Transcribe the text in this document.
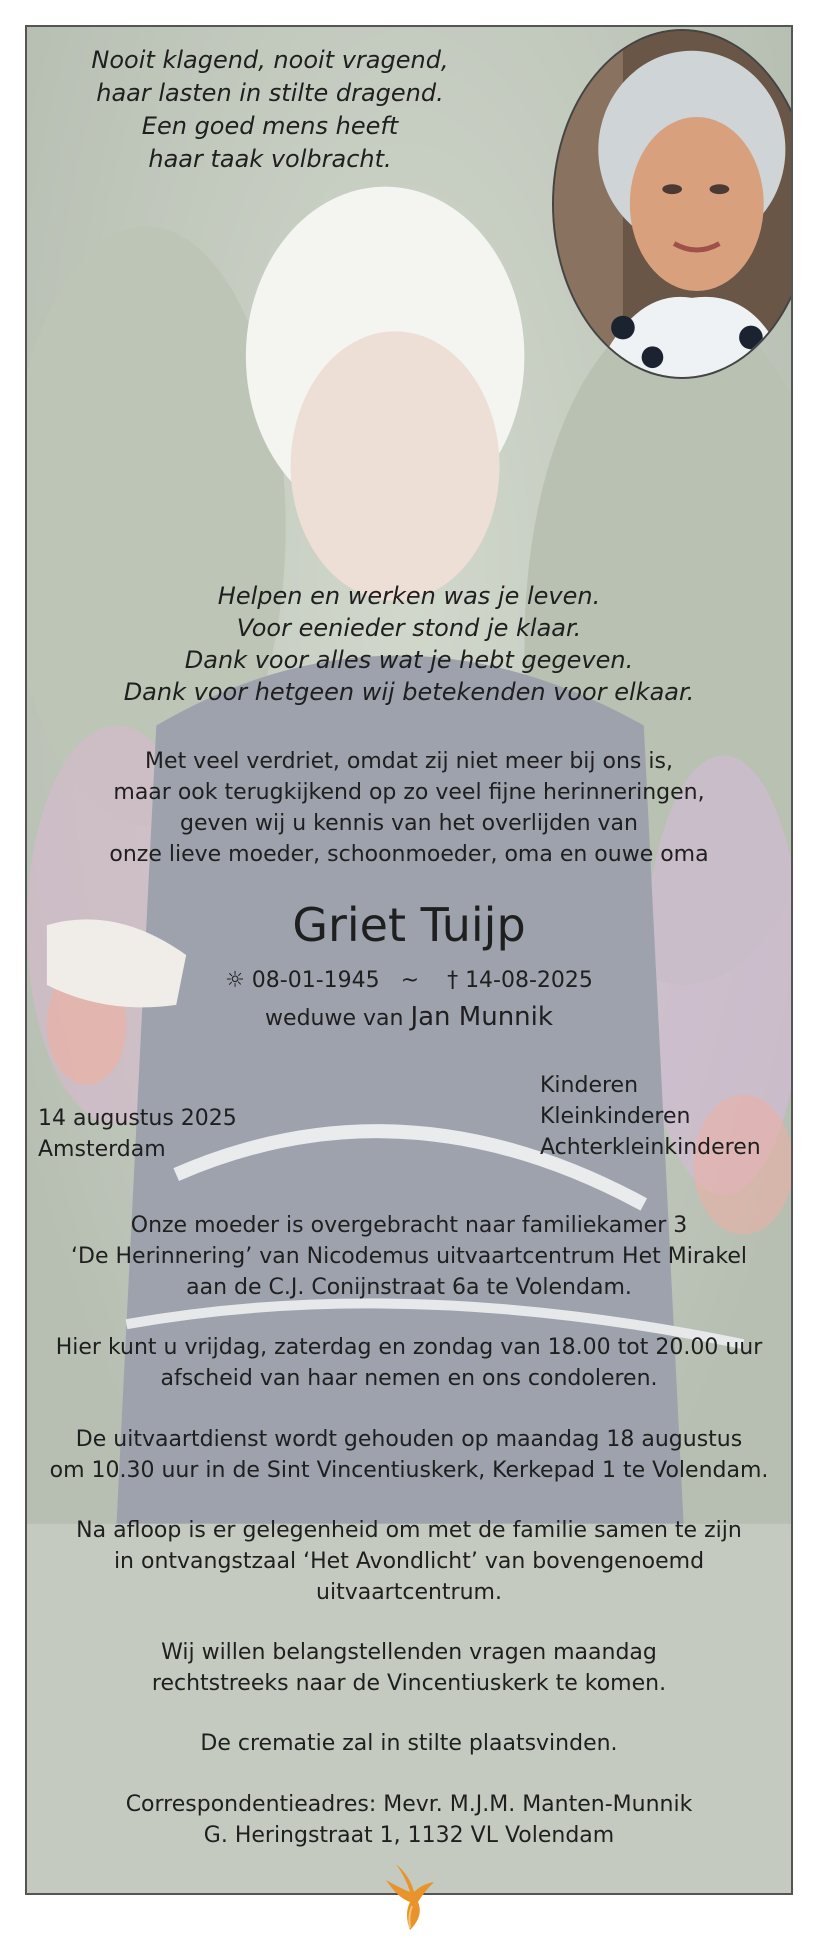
Nooit klagend, nooit vragend,
haar lasten in stilte dragend.
Een goed mens heeft
haar taak volbracht.
Helpen en werken was je leven.
Voor eenieder stond je klaar.
Dank voor alles wat je hebt gegeven.
Dank voor hetgeen wij betekenden voor elkaar.
Met veel verdriet, omdat zij niet meer bij ons is,
maar ook terugkijkend op zo veel fijne herinneringen,
geven wij u kennis van het overlijden van
onze lieve moeder, schoonmoeder, oma en ouwe oma
Griet Tuijp
☼ 08-01-1945 ~ † 14-08-2025
weduwe van Jan Munnik
14 augustus 2025
Amsterdam
Kinderen
Kleinkinderen
Achterkleinkinderen
Onze moeder is overgebracht naar familiekamer 3
‘De Herinnering’ van Nicodemus uitvaartcentrum Het Mirakel
aan de C.J. Conijnstraat 6a te Volendam.
Hier kunt u vrijdag, zaterdag en zondag van 18.00 tot 20.00 uur
afscheid van haar nemen en ons condoleren.
De uitvaartdienst wordt gehouden op maandag 18 augustus
om 10.30 uur in de Sint Vincentiuskerk, Kerkepad 1 te Volendam.
Na afloop is er gelegenheid om met de familie samen te zijn
in ontvangstzaal ‘Het Avondlicht’ van bovengenoemd
uitvaartcentrum.
Wij willen belangstellenden vragen maandag
rechtstreeks naar de Vincentiuskerk te komen.
De crematie zal in stilte plaatsvinden.
Correspondentieadres: Mevr. M.J.M. Manten-Munnik
G. Heringstraat 1, 1132 VL Volendam
